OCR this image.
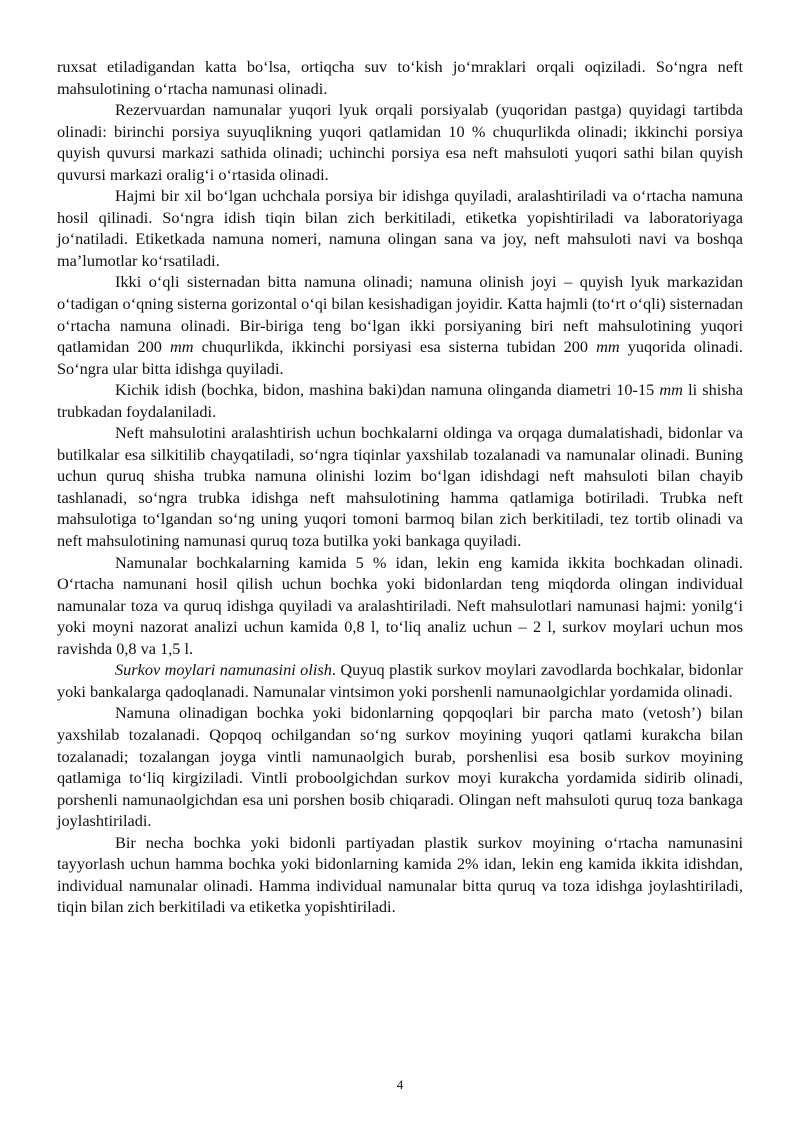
ruxsat etiladigandan katta boʻlsa, ortiqcha suv toʻkish joʻmraklari orqali oqiziladi. Soʻngra neft mahsulotining oʻrtacha namunasi olinadi.

Rezervuardan namunalar yuqori lyuk orqali porsiyalab (yuqoridan pastga) quyidagi tartibda olinadi: birinchi porsiya suyuqlikning yuqori qatlamidan 10 % chuqurlikda olinadi; ikkinchi porsiya quyish quvursi markazi sathida olinadi; uchinchi porsiya esa neft mahsuloti yuqori sathi bilan quyish quvursi markazi oraligʻi oʻrtasida olinadi.

Hajmi bir xil boʻlgan uchchala porsiya bir idishga quyiladi, aralashtiriladi va oʻrtacha namuna hosil qilinadi. Soʻngra idish tiqin bilan zich berkitiladi, etiketka yopishtiriladi va laboratoriyaga joʻnatiladi. Etiketkada namuna nomeri, namuna olingan sana va joy, neft mahsuloti navi va boshqa maʼlumotlar koʻrsatiladi.

Ikki oʻqli sisternadan bitta namuna olinadi; namuna olinish joyi – quyish lyuk markazidan oʻtadigan oʻqning sisterna gorizontal oʻqi bilan kesishadigan joyidir. Katta hajmli (toʻrt oʻqli) sisternadan oʻrtacha namuna olinadi. Bir-biriga teng boʻlgan ikki porsiyaning biri neft mahsulotining yuqori qatlamidan 200 mm chuqurlikda, ikkinchi porsiyasi esa sisterna tubidan 200 mm yuqorida olinadi. Soʻngra ular bitta idishga quyiladi.

Kichik idish (bochka, bidon, mashina baki)dan namuna olinganda diametri 10-15 mm li shisha trubkadan foydalaniladi.

Neft mahsulotini aralashtirish uchun bochkalarni oldinga va orqaga dumalatishadi, bidonlar va butilkalar esa silkitilib chayqatiladi, soʻngra tiqinlar yaxshilab tozalanadi va namunalar olinadi. Buning uchun quruq shisha trubka namuna olinishi lozim boʻlgan idishdagi neft mahsuloti bilan chayib tashlanadi, soʻngra trubka idishga neft mahsulotining hamma qatlamiga botiriladi. Trubka neft mahsulotiga toʻlgandan soʻng uning yuqori tomoni barmoq bilan zich berkitiladi, tez tortib olinadi va neft mahsulotining namunasi quruq toza butilka yoki bankaga quyiladi.

Namunalar bochkalarning kamida 5 % idan, lekin eng kamida ikkita bochkadan olinadi. Oʻrtacha namunani hosil qilish uchun bochka yoki bidonlardan teng miqdorda olingan individual namunalar toza va quruq idishga quyiladi va aralashtiriladi. Neft mahsulotlari namunasi hajmi: yonilgʻi yoki moyni nazorat analizi uchun kamida 0,8 l, toʻliq analiz uchun – 2 l, surkov moylari uchun mos ravishda 0,8 va 1,5 l.

Surkov moylari namunasini olish. Quyuq plastik surkov moylari zavodlarda bochkalar, bidonlar yoki bankalarga qadoqlanadi. Namunalar vintsimon yoki porshenli namunaolgichlar yordamida olinadi.

Namuna olinadigan bochka yoki bidonlarning qopqoqlari bir parcha mato (vetoshʼ) bilan yaxshilab tozalanadi. Qopqoq ochilgandan soʻng surkov moyining yuqori qatlami kurakcha bilan tozalanadi; tozalangan joyga vintli namunaolgich burab, porshenlisi esa bosib surkov moyining qatlamiga toʻliq kirgiziladi. Vintli proboolgichdan surkov moyi kurakcha yordamida sidirib olinadi, porshenli namunaolgichdan esa uni porshen bosib chiqaradi. Olingan neft mahsuloti quruq toza bankaga joylashtiriladi.

Bir necha bochka yoki bidonli partiyadan plastik surkov moyining oʻrtacha namunasini tayyorlash uchun hamma bochka yoki bidonlarning kamida 2% idan, lekin eng kamida ikkita idishdan, individual namunalar olinadi. Hamma individual namunalar bitta quruq va toza idishga joylashtiriladi, tiqin bilan zich berkitiladi va etiketka yopishtiriladi.

4
